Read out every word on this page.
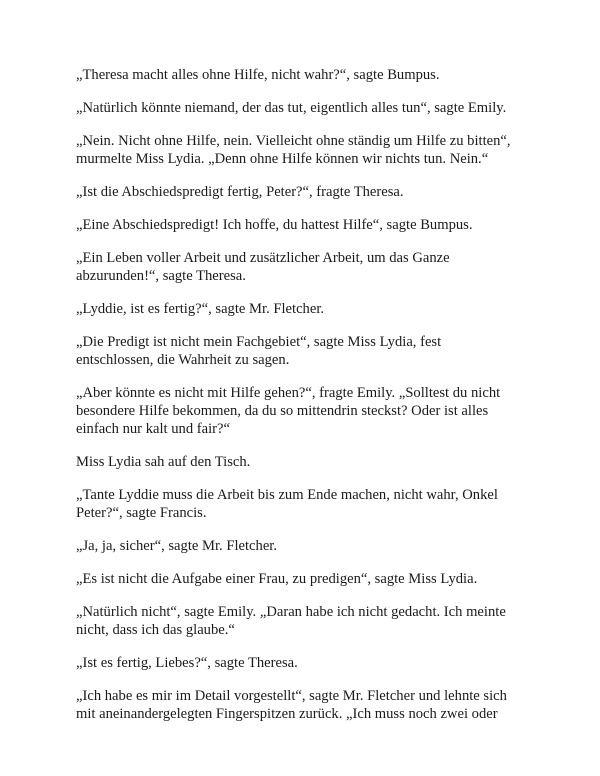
„Theresa macht alles ohne Hilfe, nicht wahr?“, sagte Bumpus.

„Natürlich könnte niemand, der das tut, eigentlich alles tun“, sagte Emily.

„Nein. Nicht ohne Hilfe, nein. Vielleicht ohne ständig um Hilfe zu bitten“,
murmelte Miss Lydia. „Denn ohne Hilfe können wir nichts tun. Nein.“

„Ist die Abschiedspredigt fertig, Peter?“, fragte Theresa.

„Eine Abschiedspredigt! Ich hoffe, du hattest Hilfe“, sagte Bumpus.

„Ein Leben voller Arbeit und zusätzlicher Arbeit, um das Ganze
abzurunden!“, sagte Theresa.

„Lyddie, ist es fertig?“, sagte Mr. Fletcher.

„Die Predigt ist nicht mein Fachgebiet“, sagte Miss Lydia, fest
entschlossen, die Wahrheit zu sagen.

„Aber könnte es nicht mit Hilfe gehen?“, fragte Emily. „Solltest du nicht
besondere Hilfe bekommen, da du so mittendrin steckst? Oder ist alles
einfach nur kalt und fair?“

Miss Lydia sah auf den Tisch.

„Tante Lyddie muss die Arbeit bis zum Ende machen, nicht wahr, Onkel
Peter?“, sagte Francis.

„Ja, ja, sicher“, sagte Mr. Fletcher.

„Es ist nicht die Aufgabe einer Frau, zu predigen“, sagte Miss Lydia.

„Natürlich nicht“, sagte Emily. „Daran habe ich nicht gedacht. Ich meinte
nicht, dass ich das glaube.“

„Ist es fertig, Liebes?“, sagte Theresa.

„Ich habe es mir im Detail vorgestellt“, sagte Mr. Fletcher und lehnte sich
mit aneinandergelegten Fingerspitzen zurück. „Ich muss noch zwei oder
